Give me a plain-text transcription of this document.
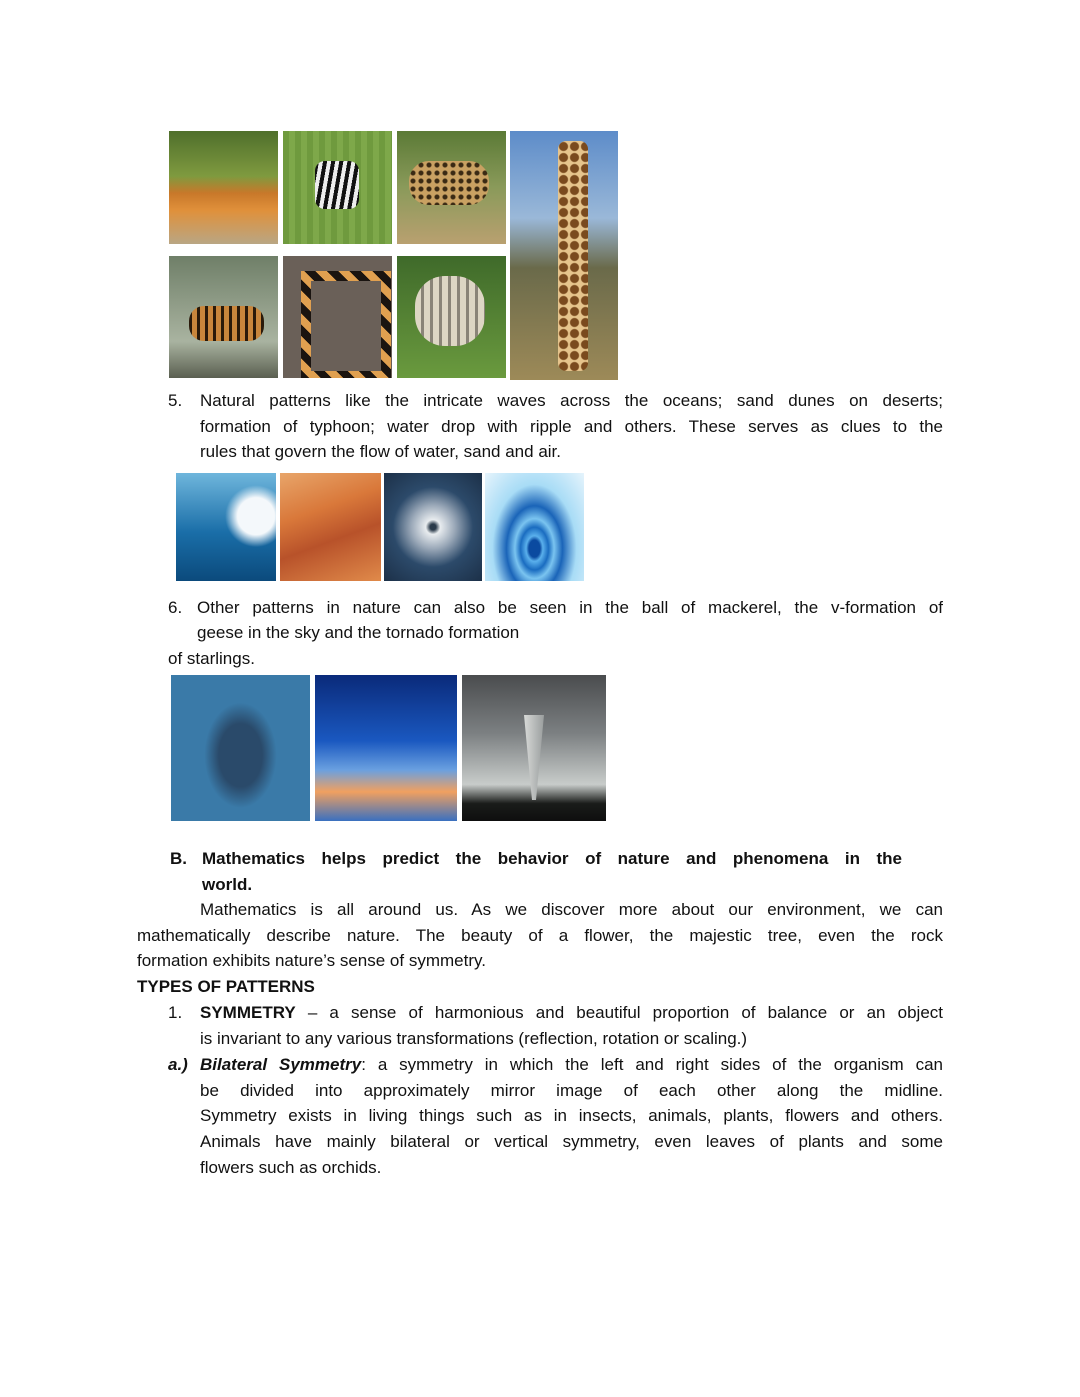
5. Natural patterns like the intricate waves across the oceans; sand dunes on deserts;
formation of typhoon; water drop with ripple and others. These serves as clues to the
rules that govern the flow of water, sand and air.
6. Other patterns in nature can also be seen in the ball of mackerel, the v-formation of
geese in the sky and the tornado formation
of starlings.
B. Mathematics helps predict the behavior of nature and phenomena in the
world.
Mathematics is all around us. As we discover more about our environment, we can
mathematically describe nature. The beauty of a flower, the majestic tree, even the rock
formation exhibits nature’s sense of symmetry.
TYPES OF PATTERNS
1. SYMMETRY – a sense of harmonious and beautiful proportion of balance or an object
is invariant to any various transformations (reflection, rotation or scaling.)
a.) Bilateral Symmetry: a symmetry in which the left and right sides of the organism can
be divided into approximately mirror image of each other along the midline.
Symmetry exists in living things such as in insects, animals, plants, flowers and others.
Animals have mainly bilateral or vertical symmetry, even leaves of plants and some
flowers such as orchids.
